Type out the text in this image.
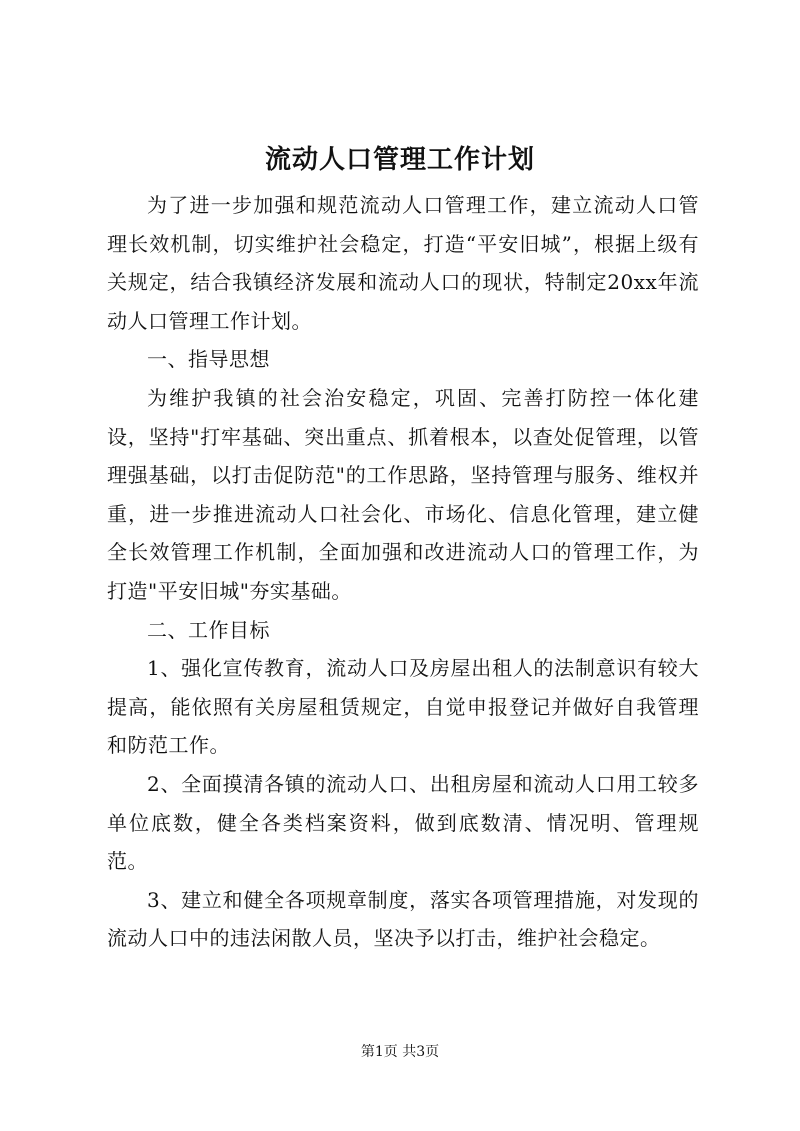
流动人口管理工作计划

为了进一步加强和规范流动人口管理工作，建立流动人口管理长效机制，切实维护社会稳定，打造“平安旧城”，根据上级有关规定，结合我镇经济发展和流动人口的现状，特制定20xx年流动人口管理工作计划。

一、指导思想

为维护我镇的社会治安稳定，巩固、完善打防控一体化建设，坚持"打牢基础、突出重点、抓着根本，以查处促管理，以管理强基础，以打击促防范"的工作思路，坚持管理与服务、维权并重，进一步推进流动人口社会化、市场化、信息化管理，建立健全长效管理工作机制，全面加强和改进流动人口的管理工作，为打造"平安旧城"夯实基础。

二、工作目标

1、强化宣传教育，流动人口及房屋出租人的法制意识有较大提高，能依照有关房屋租赁规定，自觉申报登记并做好自我管理和防范工作。

2、全面摸清各镇的流动人口、出租房屋和流动人口用工较多单位底数，健全各类档案资料，做到底数清、情况明、管理规范。

3、建立和健全各项规章制度，落实各项管理措施，对发现的流动人口中的违法闲散人员，坚决予以打击，维护社会稳定。

第1页 共3页
